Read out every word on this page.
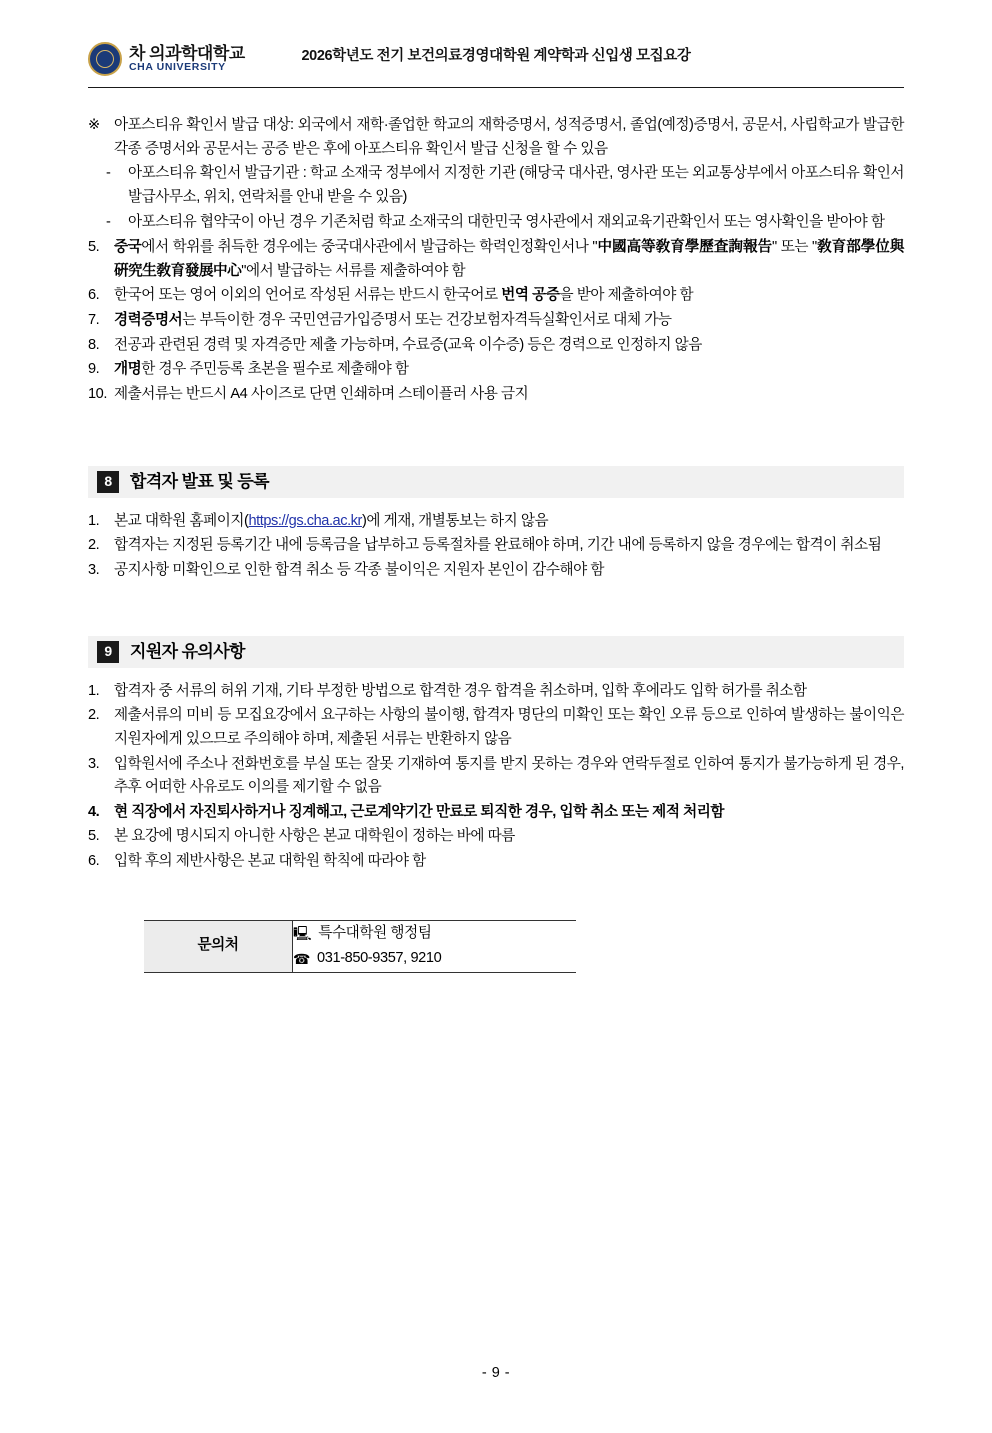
차 의과학대학교
CHA UNIVERSITY
2026학년도 전기 보건의료경영대학원 계약학과 신입생 모집요강
※ 아포스티유 확인서 발급 대상: 외국에서 재학·졸업한 학교의 재학증명서, 성적증명서, 졸업(예정)증명서, 공문서, 사립학교가 발급한 각종 증명서와 공문서는 공증 받은 후에 아포스티유 확인서 발급 신청을 할 수 있음

-	아포스티유 확인서 발급기관 : 학교 소재국 정부에서 지정한 기관 (해당국 대사관, 영사관 또는 외교통상부에서 아포스티유 확인서 발급사무소, 위치, 연락처를 안내 받을 수 있음)

-	아포스티유 협약국이 아닌 경우 기존처럼 학교 소재국의 대한민국 영사관에서 재외교육기관확인서 또는 영사확인을 받아야 함

5.	중국에서 학위를 취득한 경우에는 중국대사관에서 발급하는 학력인정확인서나 "中國高等敎育學歷査詢報告" 또는 "敎育部學位與硏究生敎育發展中心"에서 발급하는 서류를 제출하여야 함

6.	한국어 또는 영어 이외의 언어로 작성된 서류는 반드시 한국어로 번역 공증을 받아 제출하여야 함

7.	경력증명서는 부득이한 경우 국민연금가입증명서 또는 건강보험자격득실확인서로 대체 가능

8.	전공과 관련된 경력 및 자격증만 제출 가능하며, 수료증(교육 이수증) 등은 경력으로 인정하지 않음

9.	개명한 경우 주민등록 초본을 필수로 제출해야 함

10. 제출서류는 반드시 A4 사이즈로 단면 인쇄하며 스테이플러 사용 금지

8	합격자 발표 및 등록
1.	본교 대학원 홈페이지(https://gs.cha.ac.kr)에 게재, 개별통보는 하지 않음

2.	합격자는 지정된 등록기간 내에 등록금을 납부하고 등록절차를 완료해야 하며, 기간 내에 등록하지 않을 경우에는 합격이 취소됨

3.	공지사항 미확인으로 인한 합격 취소 등 각종 불이익은 지원자 본인이 감수해야 함

9	지원자 유의사항
1.	합격자 중 서류의 허위 기재, 기타 부정한 방법으로 합격한 경우 합격을 취소하며, 입학 후에라도 입학 허가를 취소함

2.	제출서류의 미비 등 모집요강에서 요구하는 사항의 불이행, 합격자 명단의 미확인 또는 확인 오류 등으로 인하여 발생하는 불이익은 지원자에게 있으므로 주의해야 하며, 제출된 서류는 반환하지 않음

3.	입학원서에 주소나 전화번호를 부실 또는 잘못 기재하여 통지를 받지 못하는 경우와 연락두절로 인하여 통지가 불가능하게 된 경우, 추후 어떠한 사유로도 이의를 제기할 수 없음

4.	현 직장에서 자진퇴사하거나 징계해고, 근로계약기간 만료로 퇴직한 경우, 입학 취소 또는 제적 처리함

5.	본 요강에 명시되지 아니한 사항은 본교 대학원이 정하는 바에 따름

6.	입학 후의 제반사항은 본교 대학원 학칙에 따라야 함

문의처	
🖳 특수대학원 행정팀
☎ 031-850-9357, 9210
- 9 -
